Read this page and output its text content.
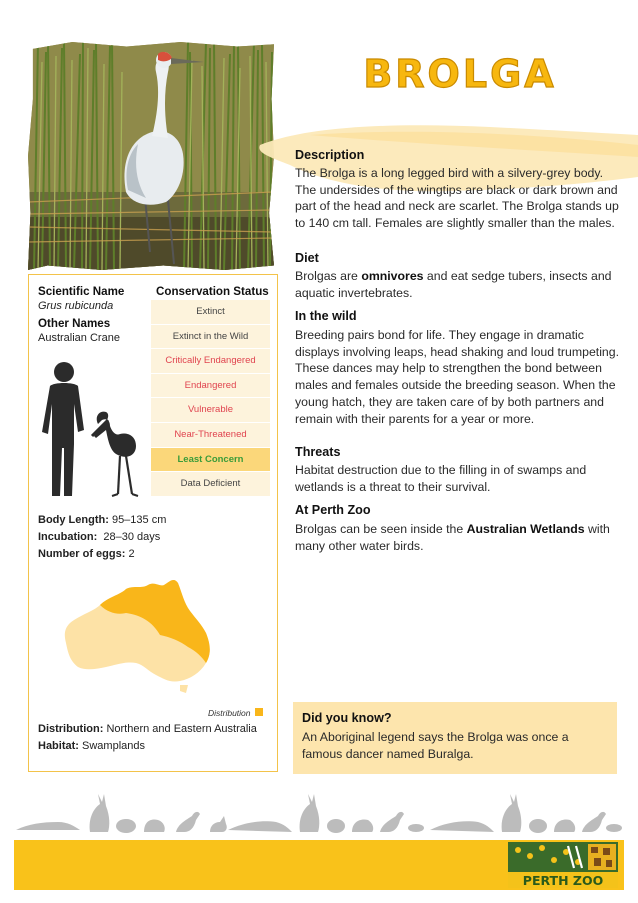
BROLGA
Description
The Brolga is a long legged bird with a silvery-grey body. The undersides of the wingtips are black or dark brown and part of the head and neck are scarlet. The Brolga stands up to 140 cm tall. Females are slightly smaller than the males.
Diet
Brolgas are omnivores and eat sedge tubers, insects and aquatic invertebrates.
In the wild
Breeding pairs bond for life. They engage in dramatic displays involving leaps, head shaking and loud trumpeting. These dances may help to strengthen the bond between males and females outside the breeding season. When the young hatch, they are taken care of by both partners and remain with their parents for a year or more.
Threats
Habitat destruction due to the filling in of swamps and wetlands is a threat to their survival.
At Perth Zoo
Brolgas can be seen inside the Australian Wetlands with many other water birds.
Scientific Name
Grus rubicunda
Other Names
Australian Crane
Conservation Status
Extinct
Extinct in the Wild
Critically Endangered
Endangered
Vulnerable
Near-Threatened
Least Concern
Data Deficient
Body Length: 95–135 cm
Incubation:  28–30 days
Number of eggs: 2
Distribution
Distribution: Northern and Eastern Australia
Habitat: Swamplands
Did you know?
An Aboriginal legend says the Brolga was once a famous dancer named Buralga.
PERTH ZOO
